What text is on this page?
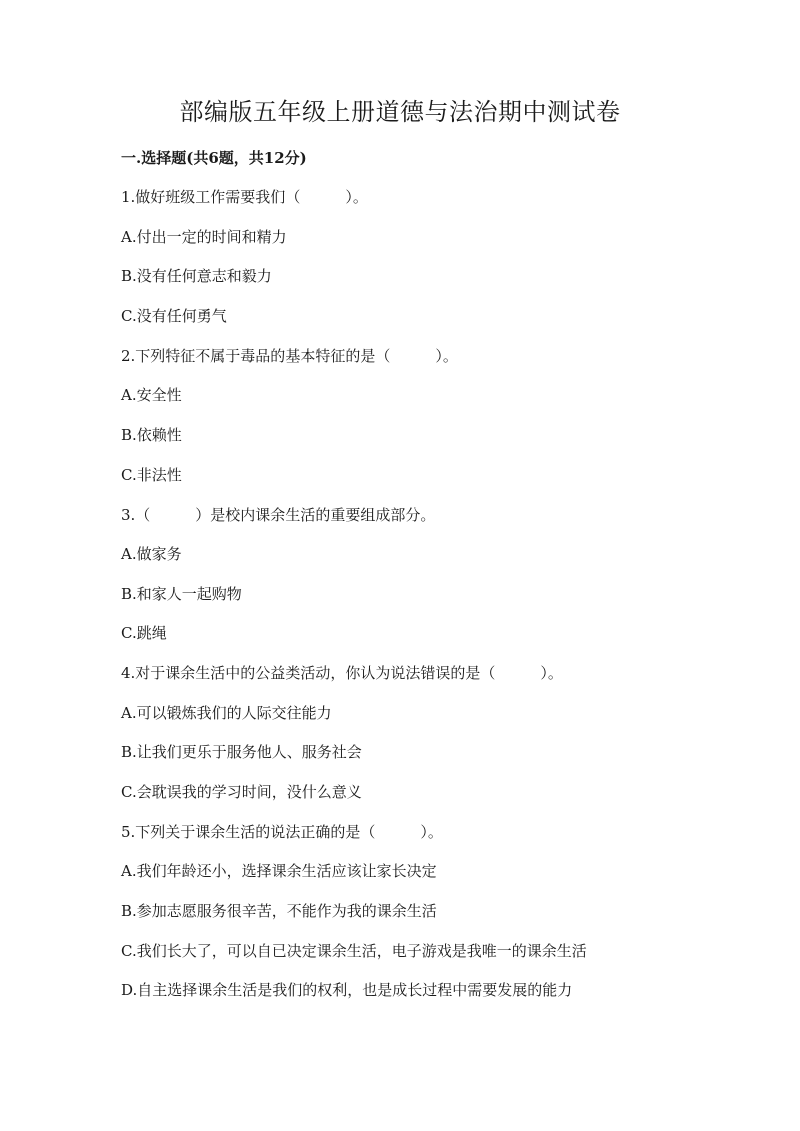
部编版五年级上册道德与法治期中测试卷
一.选择题(共6题，共12分)
1.做好班级工作需要我们（　　　）。
A.付出一定的时间和精力
B.没有任何意志和毅力
C.没有任何勇气
2.下列特征不属于毒品的基本特征的是（　　　）。
A.安全性
B.依赖性
C.非法性
3.（　　　）是校内课余生活的重要组成部分。
A.做家务
B.和家人一起购物
C.跳绳
4.对于课余生活中的公益类活动，你认为说法错误的是（　　　）。
A.可以锻炼我们的人际交往能力
B.让我们更乐于服务他人、服务社会
C.会耽误我的学习时间，没什么意义
5.下列关于课余生活的说法正确的是（　　　）。
A.我们年龄还小，选择课余生活应该让家长决定
B.参加志愿服务很辛苦，不能作为我的课余生活
C.我们长大了，可以自已决定课余生活，电子游戏是我唯一的课余生活
D.自主选择课余生活是我们的权利，也是成长过程中需要发展的能力
